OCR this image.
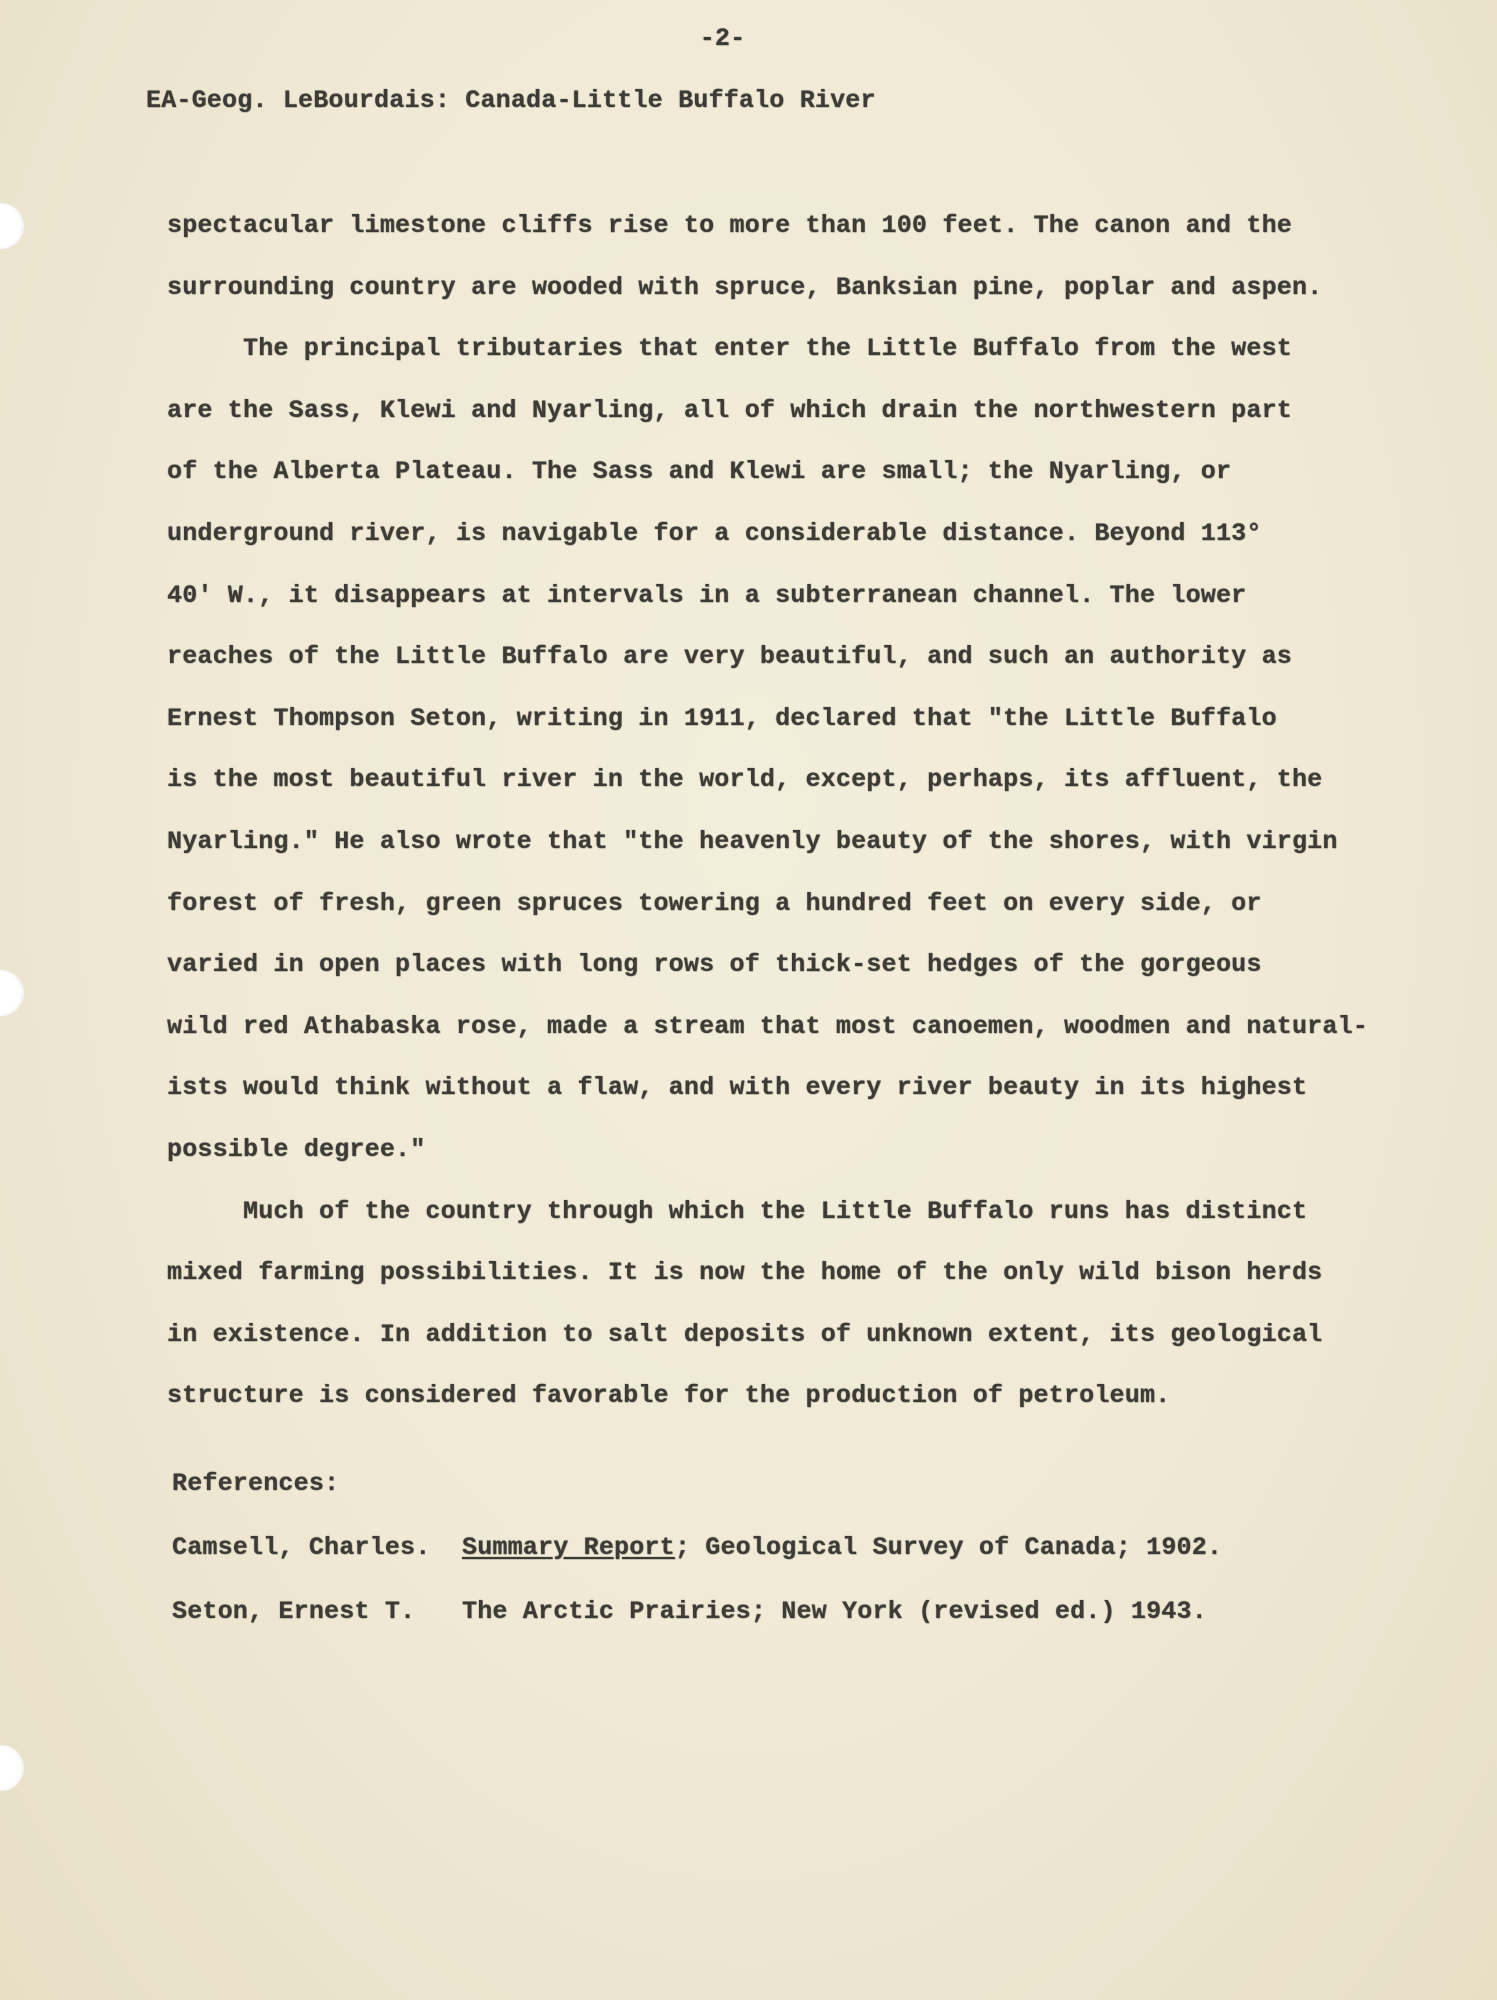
-2-
EA-Geog. LeBourdais: Canada-Little Buffalo River
spectacular limestone cliffs rise to more than 100 feet. The canon and the
surrounding country are wooded with spruce, Banksian pine, poplar and aspen.
The principal tributaries that enter the Little Buffalo from the west
are the Sass, Klewi and Nyarling, all of which drain the northwestern part
of the Alberta Plateau. The Sass and Klewi are small; the Nyarling, or
underground river, is navigable for a considerable distance. Beyond 113°
40' W., it disappears at intervals in a subterranean channel. The lower
reaches of the Little Buffalo are very beautiful, and such an authority as
Ernest Thompson Seton, writing in 1911, declared that "the Little Buffalo
is the most beautiful river in the world, except, perhaps, its affluent, the
Nyarling." He also wrote that "the heavenly beauty of the shores, with virgin
forest of fresh, green spruces towering a hundred feet on every side, or
varied in open places with long rows of thick-set hedges of the gorgeous
wild red Athabaska rose, made a stream that most canoemen, woodmen and natural-
ists would think without a flaw, and with every river beauty in its highest
possible degree."
Much of the country through which the Little Buffalo runs has distinct
mixed farming possibilities. It is now the home of the only wild bison herds
in existence. In addition to salt deposits of unknown extent, its geological
structure is considered favorable for the production of petroleum.
References:
Camsell, Charles.	Summary Report ; Geological Survey of Canada; 1902.
Seton, Ernest T.	The Arctic Prairies; New York (revised ed.) 1943.
